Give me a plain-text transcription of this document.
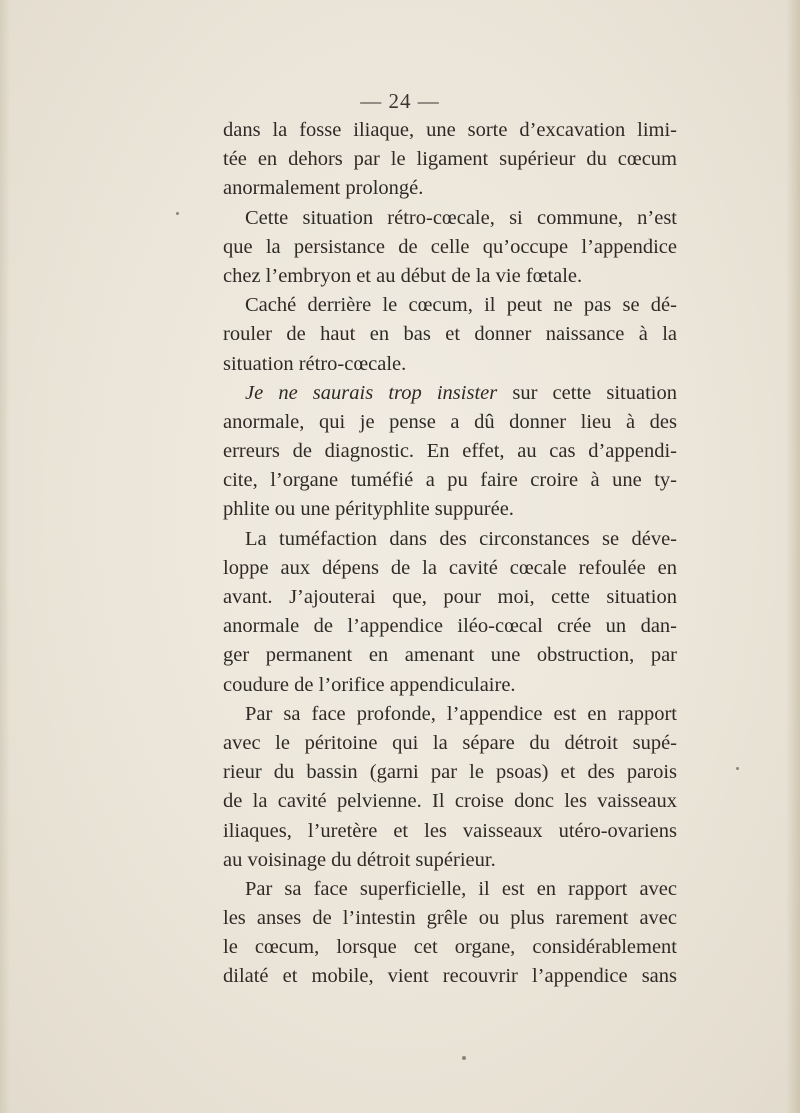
— 24 —
dans la fosse iliaque, une sorte d’excavation limi-
tée en dehors par le ligament supérieur du cœcum
anormalement prolongé.
Cette situation rétro-cœcale, si commune, n’est
que la persistance de celle qu’occupe l’appendice
chez l’embryon et au début de la vie fœtale.
Caché derrière le cœcum, il peut ne pas se dé-
rouler de haut en bas et donner naissance à la
situation rétro-cœcale.
Je ne saurais trop insister sur cette situation
anormale, qui je pense a dû donner lieu à des
erreurs de diagnostic. En effet, au cas d’appendi-
cite, l’organe tuméfié a pu faire croire à une ty-
phlite ou une pérityphlite suppurée.
La tuméfaction dans des circonstances se déve-
loppe aux dépens de la cavité cœcale refoulée en
avant. J’ajouterai que, pour moi, cette situation
anormale de l’appendice iléo-cœcal crée un dan-
ger permanent en amenant une obstruction, par
coudure de l’orifice appendiculaire.
Par sa face profonde, l’appendice est en rapport
avec le péritoine qui la sépare du détroit supé-
rieur du bassin (garni par le psoas) et des parois
de la cavité pelvienne. Il croise donc les vaisseaux
iliaques, l’uretère et les vaisseaux utéro-ovariens
au voisinage du détroit supérieur.
Par sa face superficielle, il est en rapport avec
les anses de l’intestin grêle ou plus rarement avec
le cœcum, lorsque cet organe, considérablement
dilaté et mobile, vient recouvrir l’appendice sans
